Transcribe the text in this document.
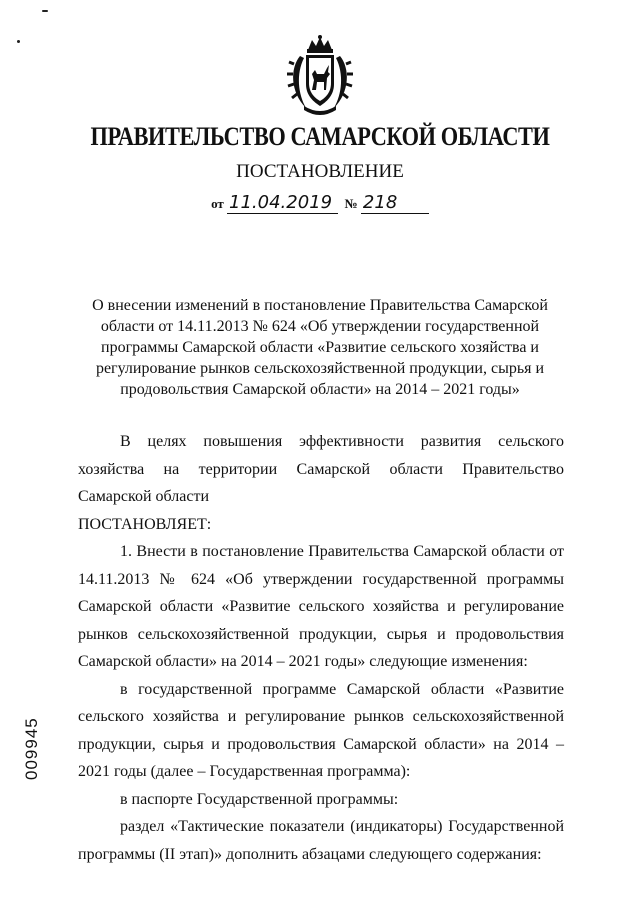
ПРАВИТЕЛЬСТВО САМАРСКОЙ ОБЛАСТИ
ПОСТАНОВЛЕНИЕ
от 11.04.2019 № 218
О внесении изменений в постановление Правительства Самарской области от 14.11.2013 № 624 «Об утверждении государственной программы Самарской области «Развитие сельского хозяйства и регулирование рынков сельскохозяйственной продукции, сырья и продовольствия Самарской области» на 2014 – 2021 годы»

В целях повышения эффективности развития сельского хозяйства на территории Самарской области Правительство Самарской области

ПОСТАНОВЛЯЕТ:

1. Внести в постановление Правительства Самарской области от 14.11.2013 № 624 «Об утверждении государственной программы Самарской области «Развитие сельского хозяйства и регулирование рынков сельскохозяйственной продукции, сырья и продовольствия Самарской области» на 2014 – 2021 годы» следующие изменения:

в государственной программе Самарской области «Развитие сельского хозяйства и регулирование рынков сельскохозяйственной продукции, сырья и продовольствия Самарской области» на 2014 – 2021 годы (далее – Государственная программа):

в паспорте Государственной программы:

раздел «Тактические показатели (индикаторы) Государственной программы (II этап)» дополнить абзацами следующего содержания:

009945
